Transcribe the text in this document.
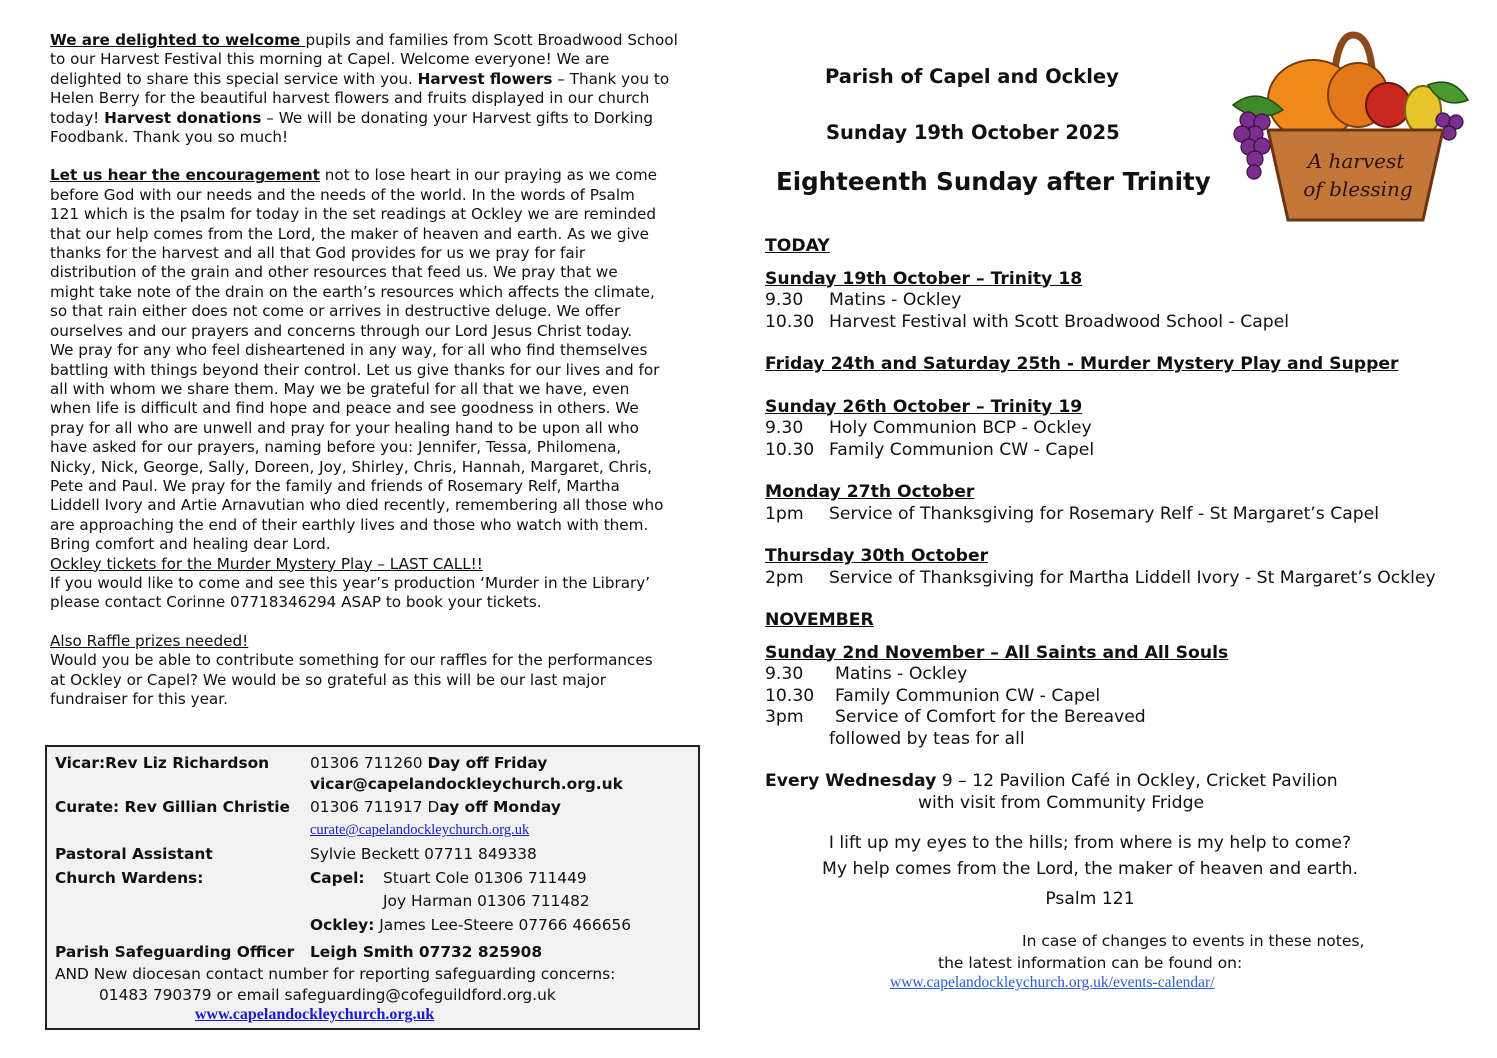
We are delighted to welcome pupils and families from Scott Broadwood School
to our Harvest Festival this morning at Capel. Welcome everyone! We are
delighted to share this special service with you. Harvest flowers – Thank you to
Helen Berry for the beautiful harvest flowers and fruits displayed in our church
today! Harvest donations – We will be donating your Harvest gifts to Dorking
Foodbank. Thank you so much!

Let us hear the encouragement not to lose heart in our praying as we come
before God with our needs and the needs of the world. In the words of Psalm
121 which is the psalm for today in the set readings at Ockley we are reminded
that our help comes from the Lord, the maker of heaven and earth. As we give
thanks for the harvest and all that God provides for us we pray for fair
distribution of the grain and other resources that feed us. We pray that we
might take note of the drain on the earth’s resources which affects the climate,
so that rain either does not come or arrives in destructive deluge. We offer
ourselves and our prayers and concerns through our Lord Jesus Christ today.
We pray for any who feel disheartened in any way, for all who find themselves
battling with things beyond their control. Let us give thanks for our lives and for
all with whom we share them. May we be grateful for all that we have, even
when life is difficult and find hope and peace and see goodness in others. We
pray for all who are unwell and pray for your healing hand to be upon all who
have asked for our prayers, naming before you: Jennifer, Tessa, Philomena,
Nicky, Nick, George, Sally, Doreen, Joy, Shirley, Chris, Hannah, Margaret, Chris,
Pete and Paul. We pray for the family and friends of Rosemary Relf, Martha
Liddell Ivory and Artie Arnavutian who died recently, remembering all those who
are approaching the end of their earthly lives and those who watch with them.
Bring comfort and healing dear Lord.

Ockley tickets for the Murder Mystery Play – LAST CALL!!
If you would like to come and see this year’s production ‘Murder in the Library’
please contact Corinne 07718346294 ASAP to book your tickets.

Also Raffle prizes needed!
Would you be able to contribute something for our raffles for the performances
at Ockley or Capel? We would be so grateful as this will be our last major
fundraiser for this year.

Vicar:Rev Liz Richardson	01306 711260 Day off Friday
vicar@capelandockleychurch.org.uk
Curate: Rev Gillian Christie 01306 711917 Day off Monday
curate@capelandockleychurch.org.uk
Pastoral Assistant	Sylvie Beckett 07711 849338
Church Wardens:	Capel: Stuart Cole 01306 711449
Joy Harman 01306 711482
Ockley: James Lee-Steere 07766 466656
Parish Safeguarding Officer Leigh Smith 07732 825908
AND New diocesan contact number for reporting safeguarding concerns:
01483 790379 or email safeguarding@cofeguildford.org.uk
www.capelandockleychurch.org.uk
Parish of Capel and Ockley
Sunday 19th October 2025
Eighteenth Sunday after Trinity
A harvest
of blessing
TODAY
Sunday 19th October – Trinity 18
9.30 Matins - Ockley
10.30 Harvest Festival with Scott Broadwood School - Capel
Friday 24th and Saturday 25th - Murder Mystery Play and Supper
Sunday 26th October – Trinity 19
9.30 Holy Communion BCP - Ockley
10.30 Family Communion CW - Capel
Monday 27th October
1pm Service of Thanksgiving for Rosemary Relf - St Margaret’s Capel
Thursday 30th October
2pm Service of Thanksgiving for Martha Liddell Ivory - St Margaret’s Ockley
NOVEMBER
Sunday 2nd November – All Saints and All Souls
9.30 Matins - Ockley
10.30 Family Communion CW - Capel
3pm Service of Comfort for the Bereaved
followed by teas for all
Every Wednesday 9 – 12 Pavilion Café in Ockley, Cricket Pavilion
with visit from Community Fridge
I lift up my eyes to the hills; from where is my help to come?
My help comes from the Lord, the maker of heaven and earth.
Psalm 121
In case of changes to events in these notes,
the latest information can be found on:
www.capelandockleychurch.org.uk/events-calendar/
